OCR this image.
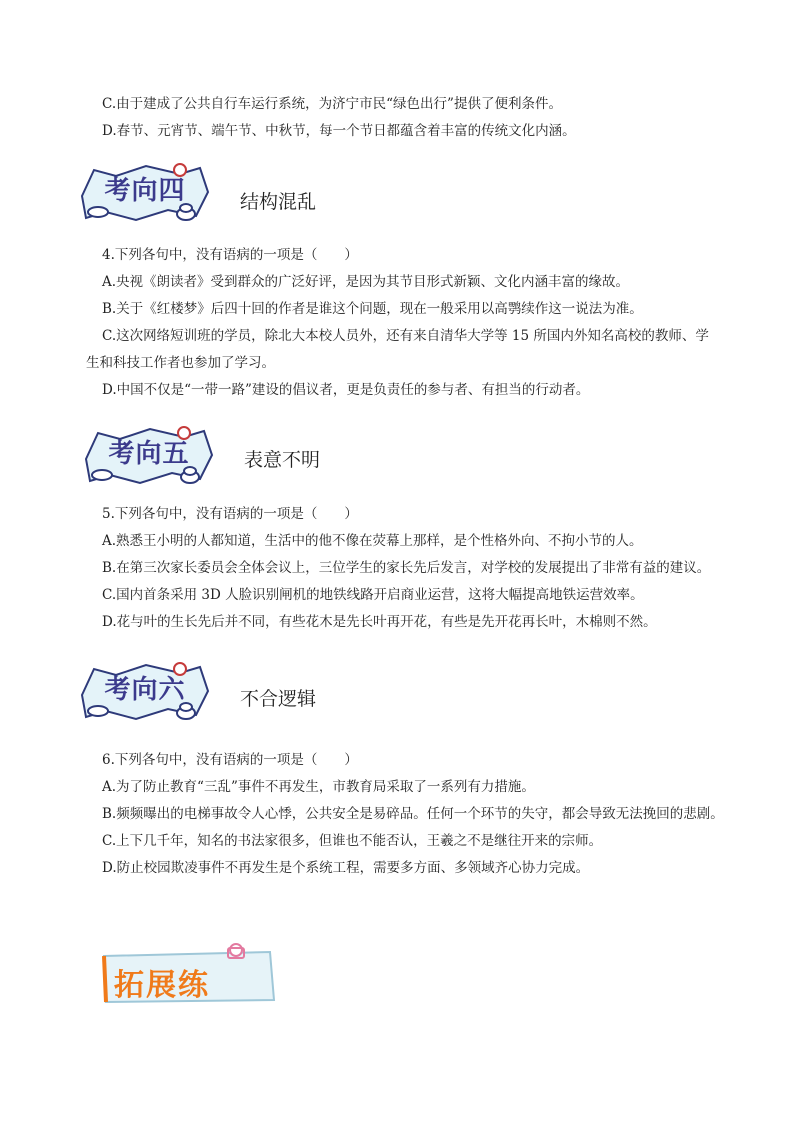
C.由于建成了公共自行车运行系统，为济宁市民“绿色出行”提供了便利条件。
D.春节、元宵节、端午节、中秋节，每一个节日都蕴含着丰富的传统文化内涵。
考向四	结构混乱
4.下列各句中，没有语病的一项是（　　）
A.央视《朗读者》受到群众的广泛好评，是因为其节目形式新颖、文化内涵丰富的缘故。
B.关于《红楼梦》后四十回的作者是谁这个问题，现在一般采用以高鹗续作这一说法为准。
C.这次网络短训班的学员，除北大本校人员外，还有来自清华大学等 15 所国内外知名高校的教师、学
生和科技工作者也参加了学习。
D.中国不仅是“一带一路”建设的倡议者，更是负责任的参与者、有担当的行动者。
考向五	表意不明
5.下列各句中，没有语病的一项是（　　）
A.熟悉王小明的人都知道，生活中的他不像在荧幕上那样，是个性格外向、不拘小节的人。
B.在第三次家长委员会全体会议上，三位学生的家长先后发言，对学校的发展提出了非常有益的建议。
C.国内首条采用 3D 人脸识别闸机的地铁线路开启商业运营，这将大幅提高地铁运营效率。
D.花与叶的生长先后并不同，有些花木是先长叶再开花，有些是先开花再长叶，木棉则不然。
考向六	不合逻辑
6.下列各句中，没有语病的一项是（　　）
A.为了防止教育“三乱”事件不再发生，市教育局采取了一系列有力措施。
B.频频曝出的电梯事故令人心悸，公共安全是易碎品。任何一个环节的失守，都会导致无法挽回的悲剧。
C.上下几千年，知名的书法家很多，但谁也不能否认，王羲之不是继往开来的宗师。
D.防止校园欺凌事件不再发生是个系统工程，需要多方面、多领域齐心协力完成。
拓展练
